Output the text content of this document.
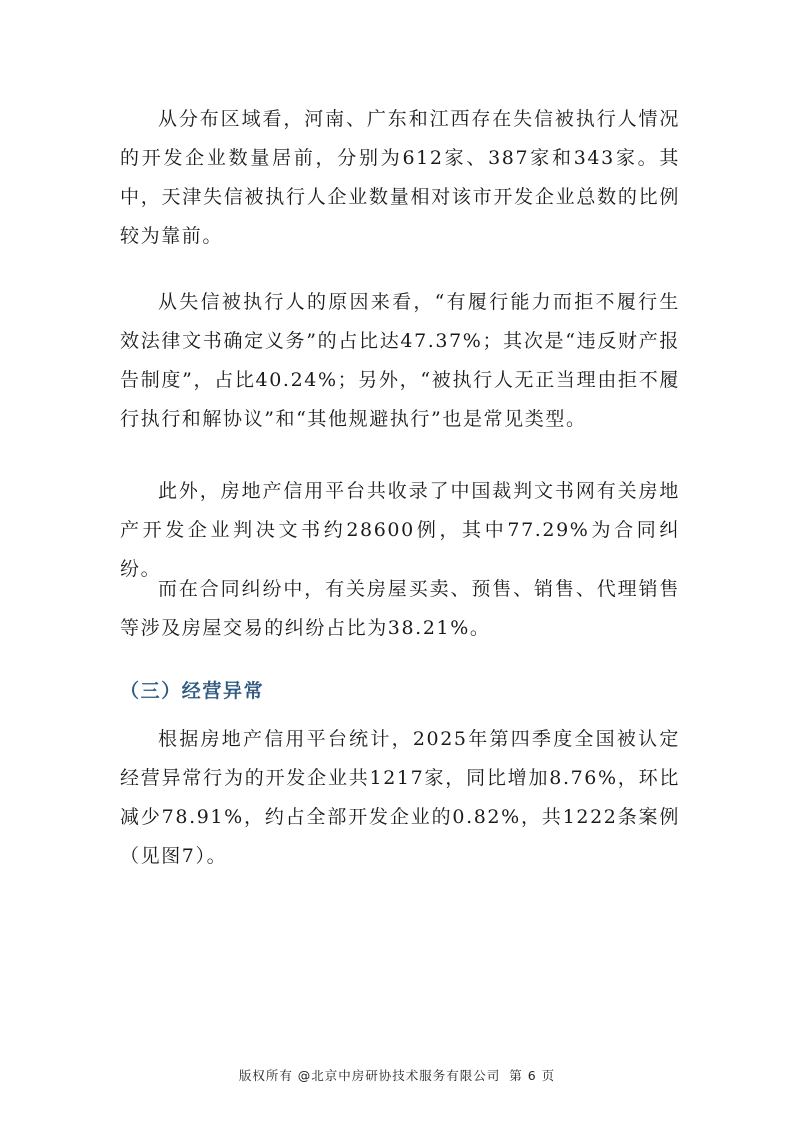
从分布区域看，河南、广东和江西存在失信被执行人情况的开发企业数量居前，分别为612家、387家和343家。其中，天津失信被执行人企业数量相对该市开发企业总数的比例较为靠前。

从失信被执行人的原因来看，“有履行能力而拒不履行生效法律文书确定义务”的占比达47.37%；其次是“违反财产报告制度”，占比40.24%；另外，“被执行人无正当理由拒不履行执行和解协议”和“其他规避执行”也是常见类型。

此外，房地产信用平台共收录了中国裁判文书网有关房地产开发企业判决文书约28600例，其中77.29%为合同纠纷。

而在合同纠纷中，有关房屋买卖、预售、销售、代理销售等涉及房屋交易的纠纷占比为38.21%。

（三）经营异常

根据房地产信用平台统计，2025年第四季度全国被认定经营异常行为的开发企业共1217家，同比增加8.76%，环比减少78.91%，约占全部开发企业的0.82%，共1222条案例（见图7）。

版权所有 @北京中房研协技术服务有限公司 第 6 页
